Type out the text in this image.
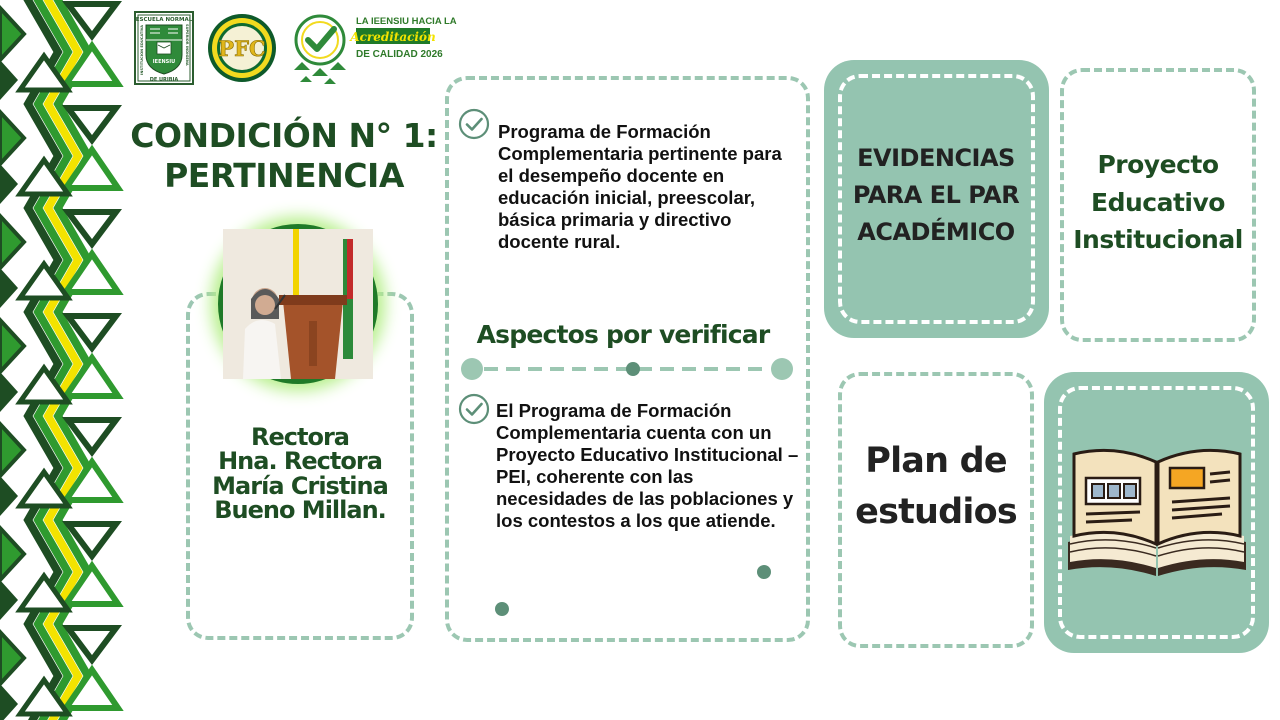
ESCUELA NORMAL
DE URIBIA
INSTITUCION EDUCATIVA	SUPERIOR INDIGENA
IEENSIU
PFC
LA IEENSIU HACIA LA
Acreditación
DE CALIDAD 2026
CONDICIÓN N° 1:
PERTINENCIA
Rectora
Hna. Rectora
María Cristina
Bueno Millan.
Programa de Formación Complementaria pertinente para el desempeño docente en educación inicial, preescolar, básica primaria y directivo docente rural.
Aspectos por verificar
El Programa de Formación Complementaria cuenta con un Proyecto Educativo Institucional –PEI, coherente con las necesidades de las poblaciones y los contestos a los que atiende.
EVIDENCIAS
PARA EL PAR
ACADÉMICO
Proyecto
Educativo
Institucional
Plan de
estudios
